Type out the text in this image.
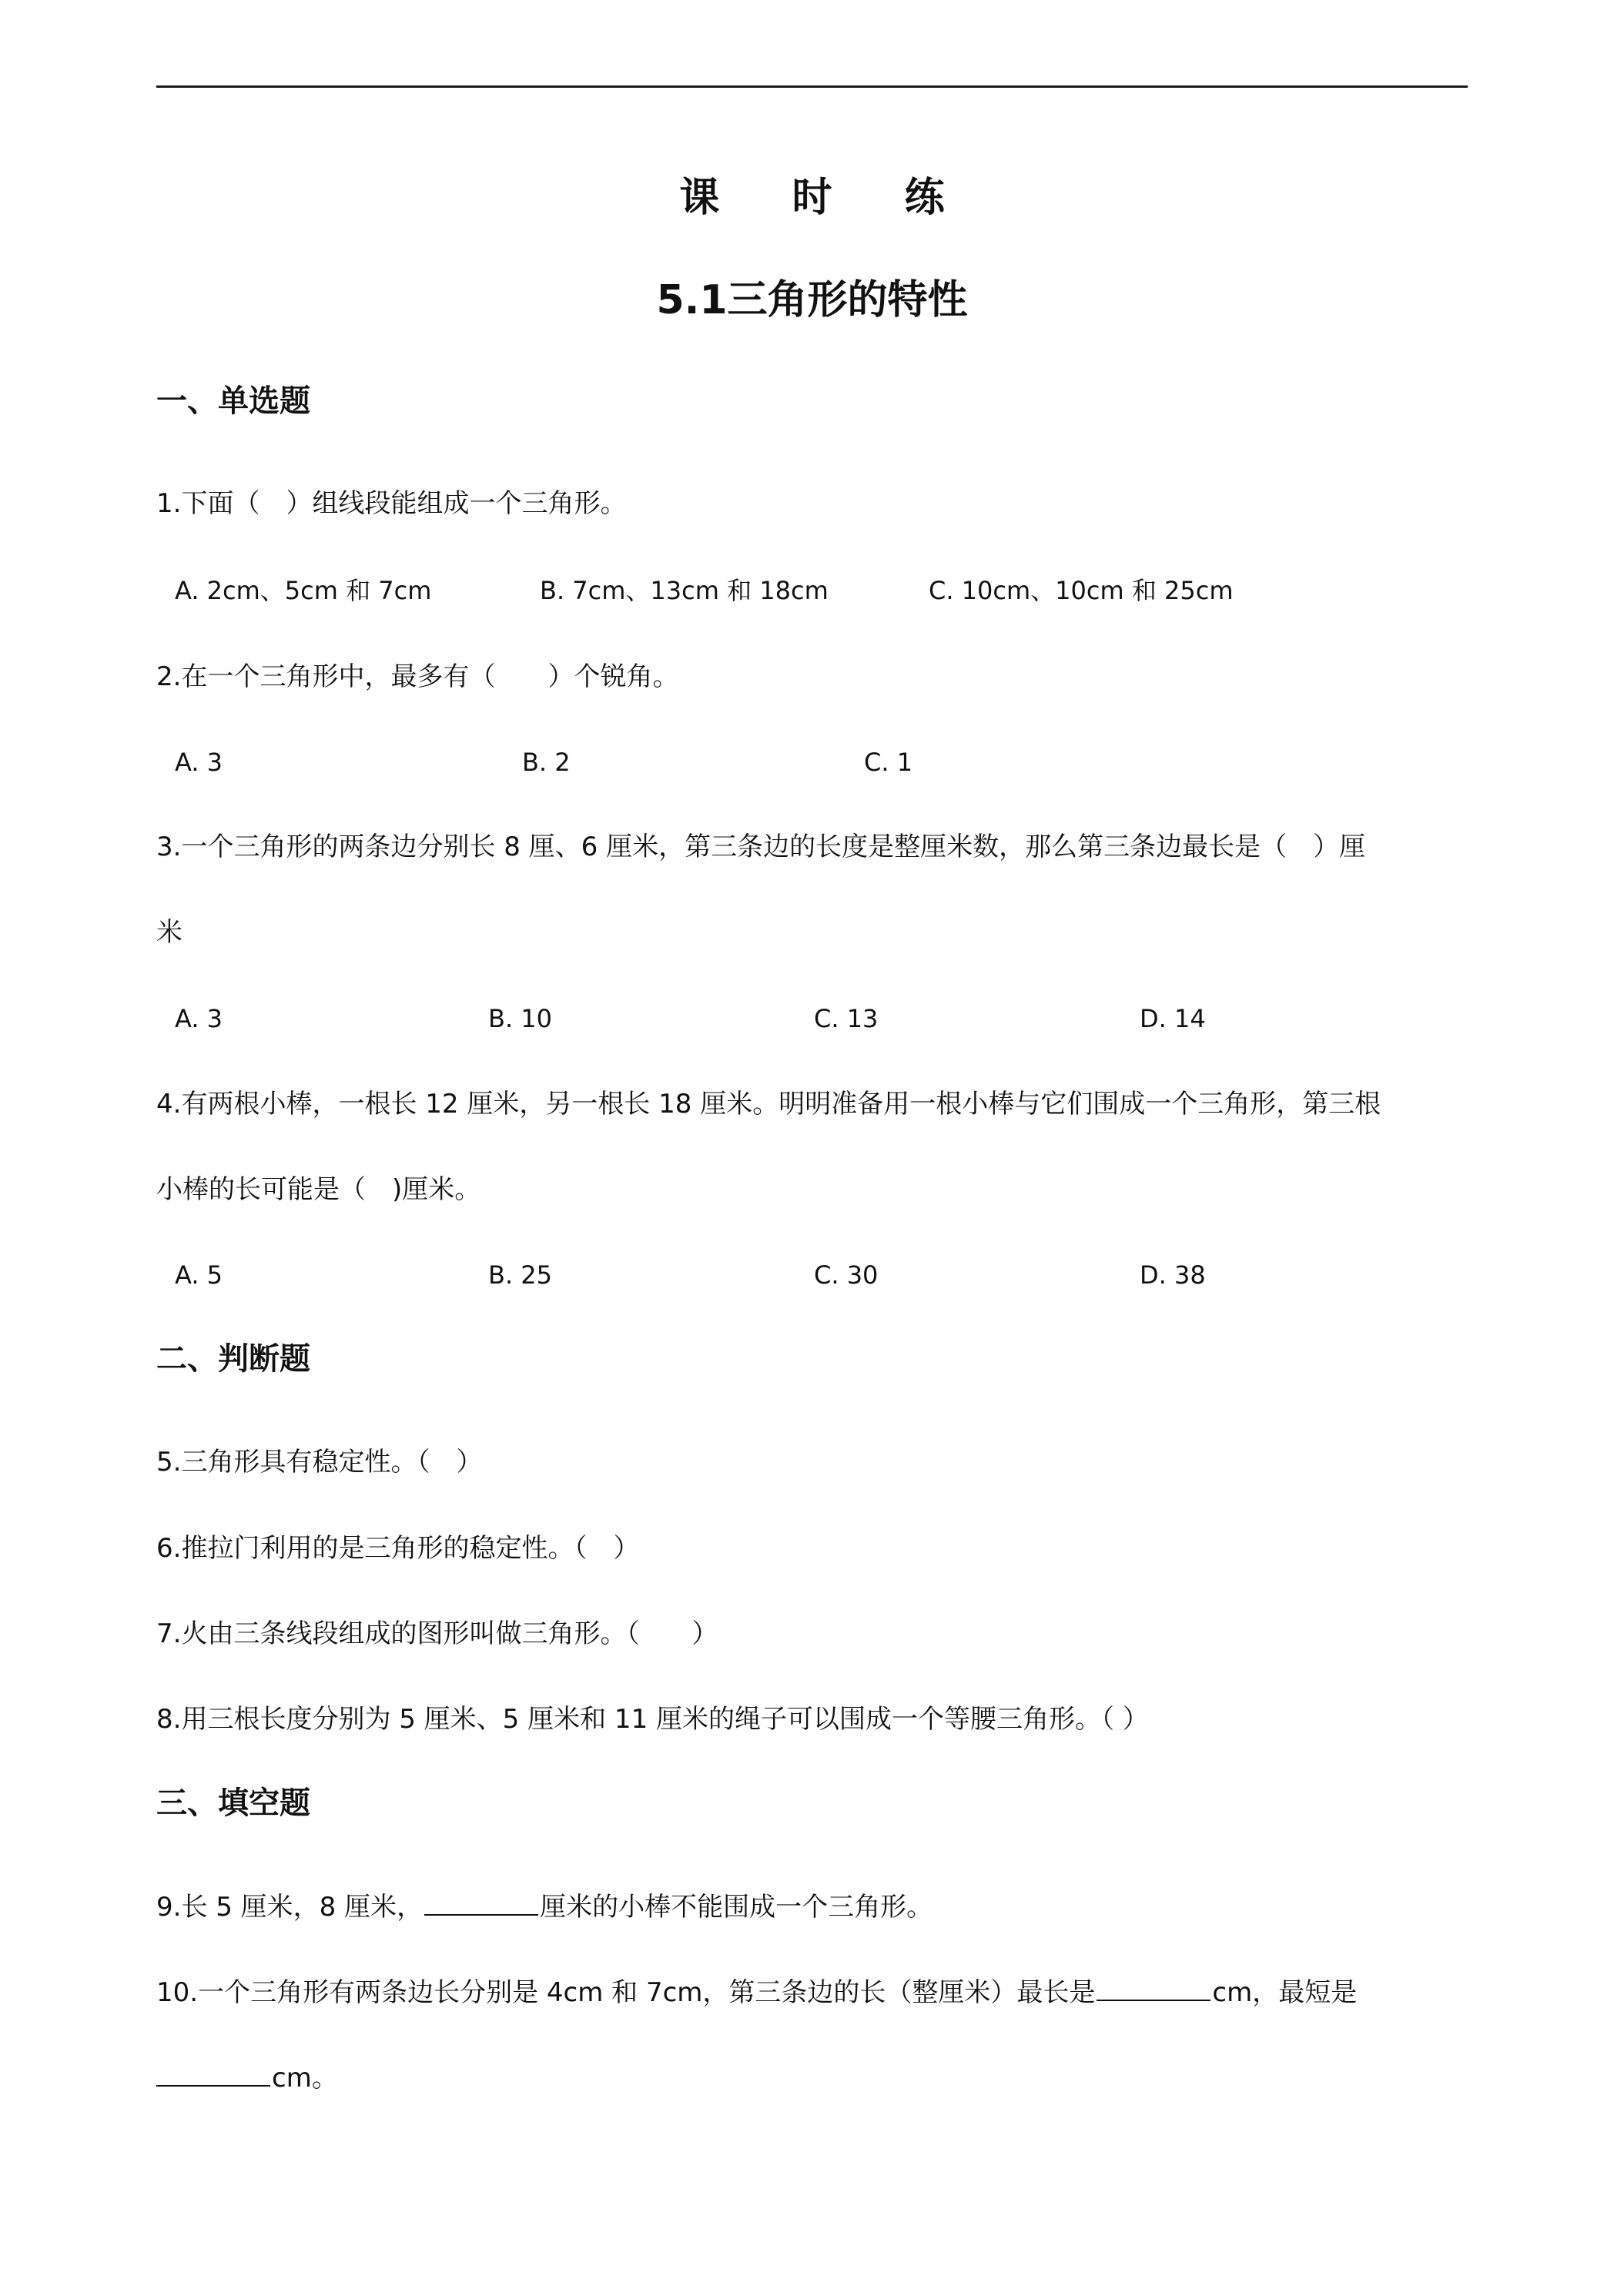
课 时 练
5.1三角形的特性
一、单选题
1.下面（　）组线段能组成一个三角形。
A. 2cm、5cm 和 7cm	B. 7cm、13cm 和 18cm	C. 10cm、10cm 和 25cm
2.在一个三角形中，最多有（　　）个锐角。
A. 3	B. 2	C. 1
3.一个三角形的两条边分别长 8 厘、6 厘米，第三条边的长度是整厘米数，那么第三条边最长是（　）厘
米
A. 3	B. 10	C. 13	D. 14
4.有两根小棒，一根长 12 厘米，另一根长 18 厘米。明明准备用一根小棒与它们围成一个三角形，第三根
小棒的长可能是（　)厘米。
A. 5	B. 25	C. 30	D. 38
二、判断题
5.三角形具有稳定性。（　）
6.推拉门利用的是三角形的稳定性。（　）
7.火由三条线段组成的图形叫做三角形。（　　）
8.用三根长度分别为 5 厘米、5 厘米和 11 厘米的绳子可以围成一个等腰三角形。（ ）
三、填空题
9.长 5 厘米，8 厘米，	厘米的小棒不能围成一个三角形。
10.一个三角形有两条边长分别是 4cm 和 7cm，第三条边的长（整厘米）最长是	cm，最短是
cm。
